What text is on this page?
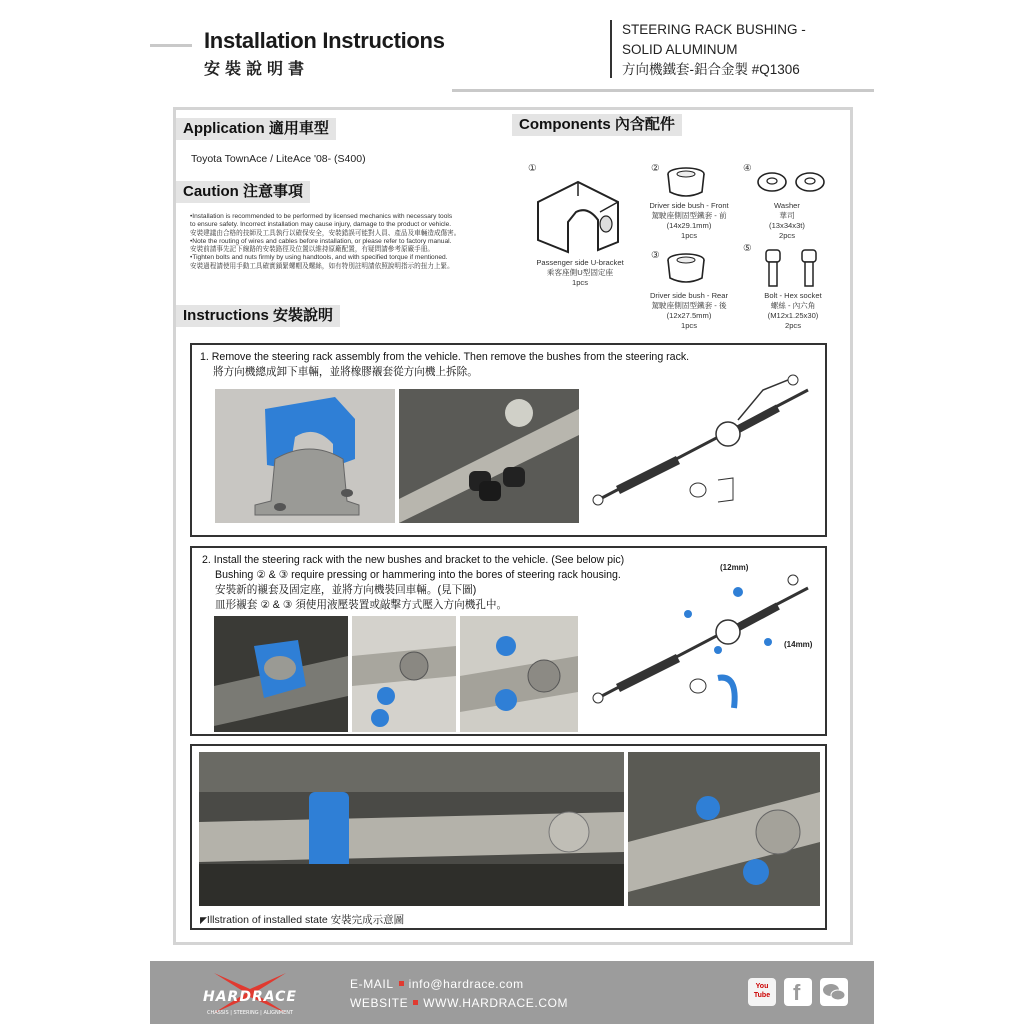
Installation Instructions
安裝說明書
STEERING RACK BUSHING -
SOLID ALUMINUM
方向機鐵套-鋁合金製 #Q1306
Application 適用車型
Toyota TownAce / LiteAce '08- (S400)
Caution 注意事項
•Installation is recommended to be performed by licensed mechanics with necessary tools
to ensure safety. Incorrect installation may cause injury, damage to the product or vehicle.
安裝建議由合格的技師及工具執行以確保安全，安裝錯誤可能對人員、產品及車輛造成傷害。
•Note the routing of wires and cables before installation, or please refer to factory manual.
安裝前請事先記下線路的安裝路徑及位置以維持原廠配置，有疑問請參考原廠手冊。
•Tighten bolts and nuts firmly by using handtools, and with specified torque if mentioned.
安裝過程請使用手動工具確實鎖緊螺帽及螺絲，如有特別註明請依照說明指示的扭力上緊。
Components 內含配件
①
Passenger side U-bracket
乘客座側U型固定座
1pcs
②
Driver side bush - Front
駕駛座側固型鐵套 - 前
(14x29.1mm)
1pcs
③
Driver side bush - Rear
駕駛座側固型鐵套 - 後
(12x27.5mm)
1pcs
④
Washer
華司
(13x34x3t)
2pcs
⑤
Bolt - Hex socket
螺絲 - 內六角
(M12x1.25x30)
2pcs
Instructions 安裝說明
1. Remove the steering rack assembly from the vehicle. Then remove the bushes from the steering rack.
將方向機總成卸下車輛，並將橡膠襯套從方向機上拆除。
2. Install the steering rack with the new bushes and bracket to the vehicle. (See below pic)
Bushing ② & ③ require pressing or hammering into the bores of steering rack housing.
安裝新的襯套及固定座，並將方向機裝回車輛。(見下圖)
皿形襯套 ② & ③ 須使用液壓裝置或敲擊方式壓入方向機孔中。
(12mm)
(14mm)
◤Illstration of installed state 安裝完成示意圖
HARDRACE
CHASSIS | STEERING | ALIGNMENT
E-MAIL info@hardrace.com
WEBSITE WWW.HARDRACE.COM
You Tube f
